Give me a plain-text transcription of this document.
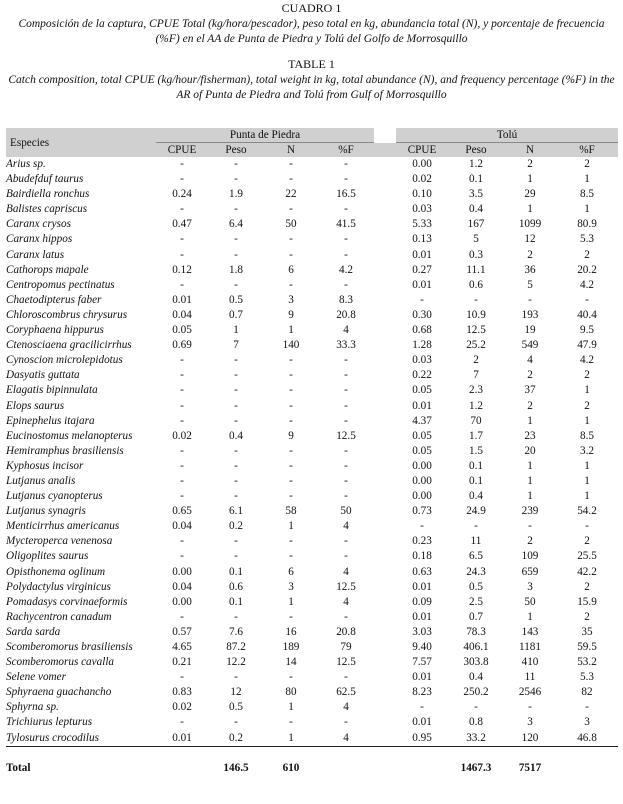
CUADRO 1
Composición de la captura, CPUE Total (kg/hora/pescador), peso total en kg, abundancia total (N), y porcentaje de frecuencia (%F) en el AA de Punta de Piedra y Tolú del Golfo de Morrosquillo
TABLE 1
Catch composition, total CPUE (kg/hour/fisherman), total weight in kg, total abundance (N), and frequency percentage (%F) in the AR of Punta de Piedra and Tolú from Gulf of Morrosquillo
Especies	Punta de Piedra					Tolú			
	CPUE	Peso	N	%F		CPUE	Peso	N	%F
Arius sp.	-	-	-	-		0.00	1.2	2	2
Abudefduf taurus	-	-	-	-		0.02	0.1	1	1
Bairdiella ronchus	0.24	1.9	22	16.5		0.10	3.5	29	8.5
Balistes capriscus	-	-	-	-		0.03	0.4	1	1
Caranx crysos	0.47	6.4	50	41.5		5.33	167	1099	80.9
Caranx hippos	-	-	-	-		0.13	5	12	5.3
Caranx latus	-	-	-	-		0.01	0.3	2	2
Cathorops mapale	0.12	1.8	6	4.2		0.27	11.1	36	20.2
Centropomus pectinatus	-	-	-	-		0.01	0.6	5	4.2
Chaetodipterus faber	0.01	0.5	3	8.3		-	-	-	-
Chloroscombrus chrysurus	0.04	0.7	9	20.8		0.30	10.9	193	40.4
Coryphaena hippurus	0.05	1	1	4		0.68	12.5	19	9.5
Ctenosciaena gracilicirrhus	0.69	7	140	33.3		1.28	25.2	549	47.9
Cynoscion microlepidotus	-	-	-	-		0.03	2	4	4.2
Dasyatis guttata	-	-	-	-		0.22	7	2	2
Elagatis bipinnulata	-	-	-	-		0.05	2.3	37	1
Elops saurus	-	-	-	-		0.01	1.2	2	2
Epinephelus itajara	-	-	-	-		4.37	70	1	1
Eucinostomus melanopterus	0.02	0.4	9	12.5		0.05	1.7	23	8.5
Hemiramphus brasiliensis	-	-	-	-		0.05	1.5	20	3.2
Kyphosus incisor	-	-	-	-		0.00	0.1	1	1
Lutjanus analis	-	-	-	-		0.00	0.1	1	1
Lutjanus cyanopterus	-	-	-	-		0.00	0.4	1	1
Lutjanus synagris	0.65	6.1	58	50		0.73	24.9	239	54.2
Menticirrhus americanus	0.04	0.2	1	4		-	-	-	-
Mycteroperca venenosa	-	-	-	-		0.23	11	2	2
Oligoplites saurus	-	-	-	-		0.18	6.5	109	25.5
Opisthonema oglinum	0.00	0.1	6	4		0.63	24.3	659	42.2
Polydactylus virginicus	0.04	0.6	3	12.5		0.01	0.5	3	2
Pomadasys corvinaeformis	0.00	0.1	1	4		0.09	2.5	50	15.9
Rachycentron canadum	-	-	-	-		0.01	0.7	1	2
Sarda sarda	0.57	7.6	16	20.8		3.03	78.3	143	35
Scomberomorus brasiliensis	4.65	87.2	189	79		9.40	406.1	1181	59.5
Scomberomorus cavalla	0.21	12.2	14	12.5		7.57	303.8	410	53.2
Selene vomer	-	-	-	-		0.01	0.4	11	5.3
Sphyraena guachancho	0.83	12	80	62.5		8.23	250.2	2546	82
Sphyrna sp.	0.02	0.5	1	4		-	-	-	-
Trichiurus lepturus	-	-	-	-		0.01	0.8	3	3
Tylosurus crocodilus	0.01	0.2	1	4		0.95	33.2	120	46.8

Total		146.5	610				1467.3	7517	
